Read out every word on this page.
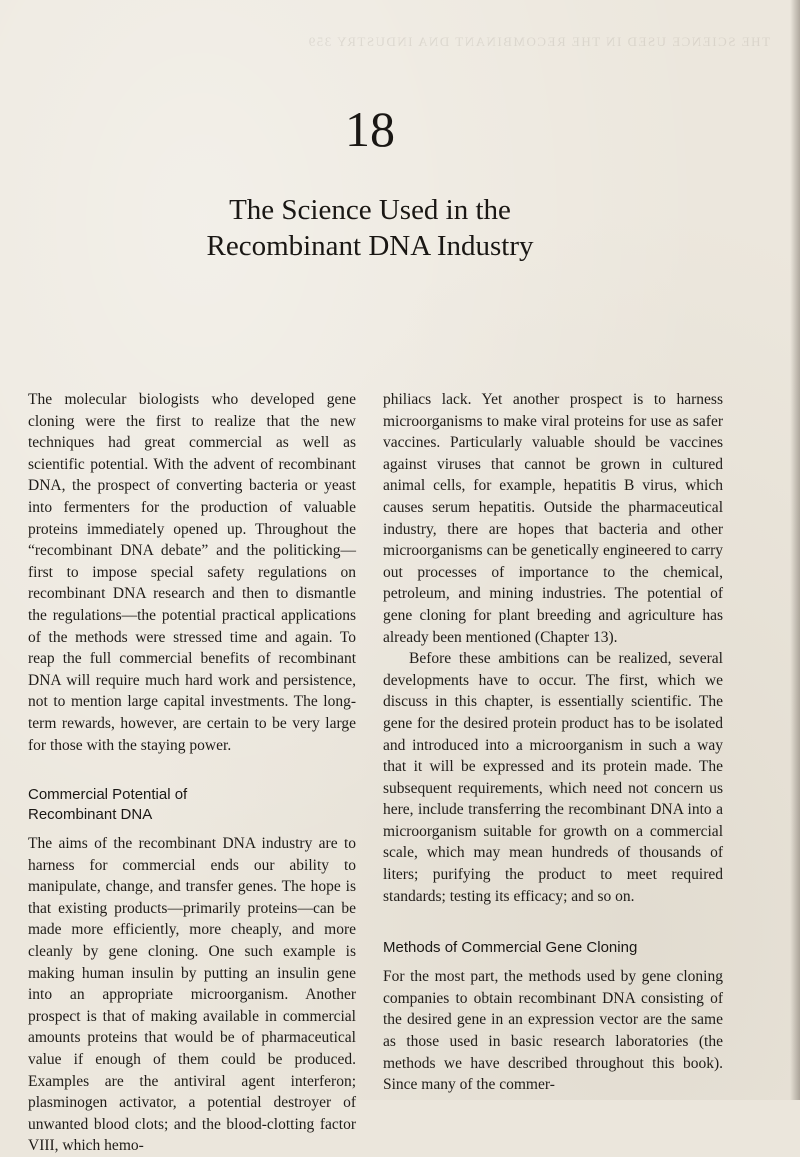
THE SCIENCE USED IN THE RECOMBINANT DNA INDUSTRY 359
18
The Science Used in the
Recombinant DNA Industry

The molecular biologists who developed gene cloning were the first to realize that the new techniques had great commercial as well as scientific potential. With the advent of recombinant DNA, the prospect of converting bacteria or yeast into fermenters for the production of valuable proteins immediately opened up. Throughout the “recombinant DNA debate” and the politicking—first to impose special safety regulations on recombinant DNA research and then to dismantle the regulations—the potential practical applications of the methods were stressed time and again. To reap the full commercial benefits of recombinant DNA will require much hard work and persistence, not to mention large capital investments. The long-term rewards, however, are certain to be very large for those with the staying power.

Commercial Potential of
Recombinant DNA

The aims of the recombinant DNA industry are to harness for commercial ends our ability to manipulate, change, and transfer genes. The hope is that existing products—primarily proteins—can be made more efficiently, more cheaply, and more cleanly by gene cloning. One such example is making human insulin by putting an insulin gene into an appropriate microorganism. Another prospect is that of making available in commercial amounts proteins that would be of pharmaceutical value if enough of them could be produced. Examples are the antiviral agent interferon; plasminogen activator, a potential destroyer of unwanted blood clots; and the blood-clotting factor VIII, which hemo-

philiacs lack. Yet another prospect is to harness microorganisms to make viral proteins for use as safer vaccines. Particularly valuable should be vaccines against viruses that cannot be grown in cultured animal cells, for example, hepatitis B virus, which causes serum hepatitis. Outside the pharmaceutical industry, there are hopes that bacteria and other microorganisms can be genetically engineered to carry out processes of importance to the chemical, petroleum, and mining industries. The potential of gene cloning for plant breeding and agriculture has already been mentioned (Chapter 13).

Before these ambitions can be realized, several developments have to occur. The first, which we discuss in this chapter, is essentially scientific. The gene for the desired protein product has to be isolated and introduced into a microorganism in such a way that it will be expressed and its protein made. The subsequent requirements, which need not concern us here, include transferring the recombinant DNA into a microorganism suitable for growth on a commercial scale, which may mean hundreds of thousands of liters; purifying the product to meet required standards; testing its efficacy; and so on.

Methods of Commercial Gene Cloning

For the most part, the methods used by gene cloning companies to obtain recombinant DNA consisting of the desired gene in an expression vector are the same as those used in basic research laboratories (the methods we have described throughout this book). Since many of the commer-
